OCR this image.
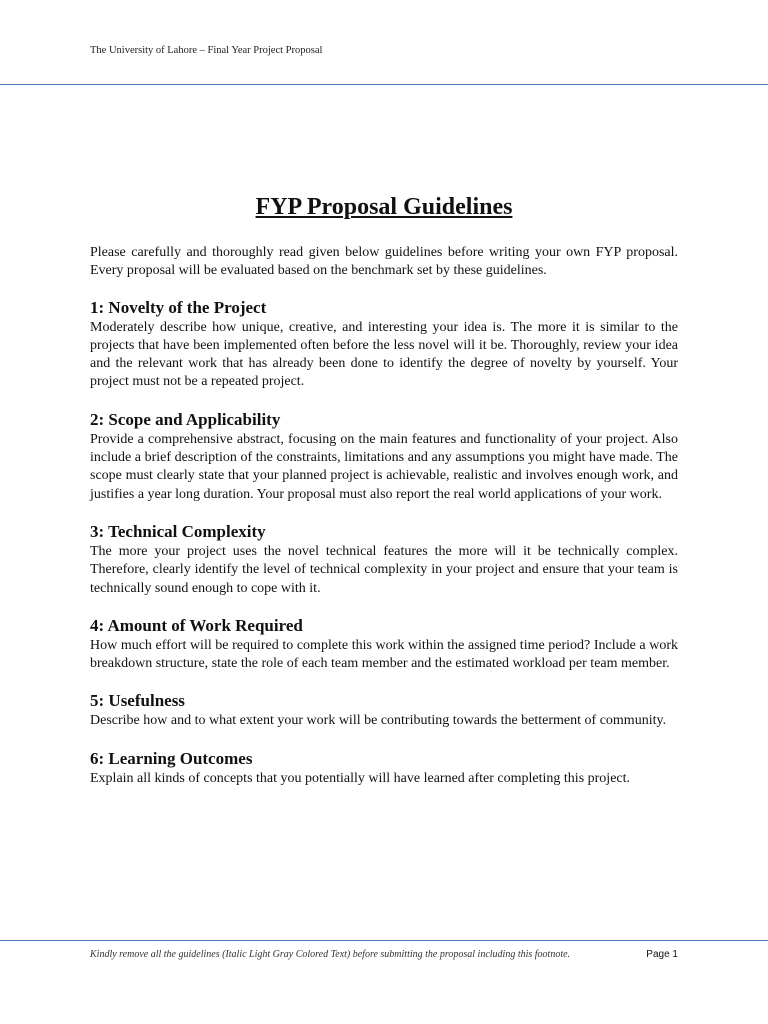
The University of Lahore – Final Year Project Proposal
FYP Proposal Guidelines

Please carefully and thoroughly read given below guidelines before writing your own FYP proposal. Every proposal will be evaluated based on the benchmark set by these guidelines.

1: Novelty of the Project

Moderately describe how unique, creative, and interesting your idea is. The more it is similar to the projects that have been implemented often before the less novel will it be. Thoroughly, review your idea and the relevant work that has already been done to identify the degree of novelty by yourself. Your project must not be a repeated project.

2: Scope and Applicability

Provide a comprehensive abstract, focusing on the main features and functionality of your project. Also include a brief description of the constraints, limitations and any assumptions you might have made. The scope must clearly state that your planned project is achievable, realistic and involves enough work, and justifies a year long duration. Your proposal must also report the real world applications of your work.

3: Technical Complexity

The more your project uses the novel technical features the more will it be technically complex. Therefore, clearly identify the level of technical complexity in your project and ensure that your team is technically sound enough to cope with it.

4: Amount of Work Required

How much effort will be required to complete this work within the assigned time period? Include a work breakdown structure, state the role of each team member and the estimated workload per team member.

5: Usefulness

Describe how and to what extent your work will be contributing towards the betterment of community.

6: Learning Outcomes

Explain all kinds of concepts that you potentially will have learned after completing this project.

Kindly remove all the guidelines (Italic Light Gray Colored Text) before submitting the proposal including this footnote.	Page 1
